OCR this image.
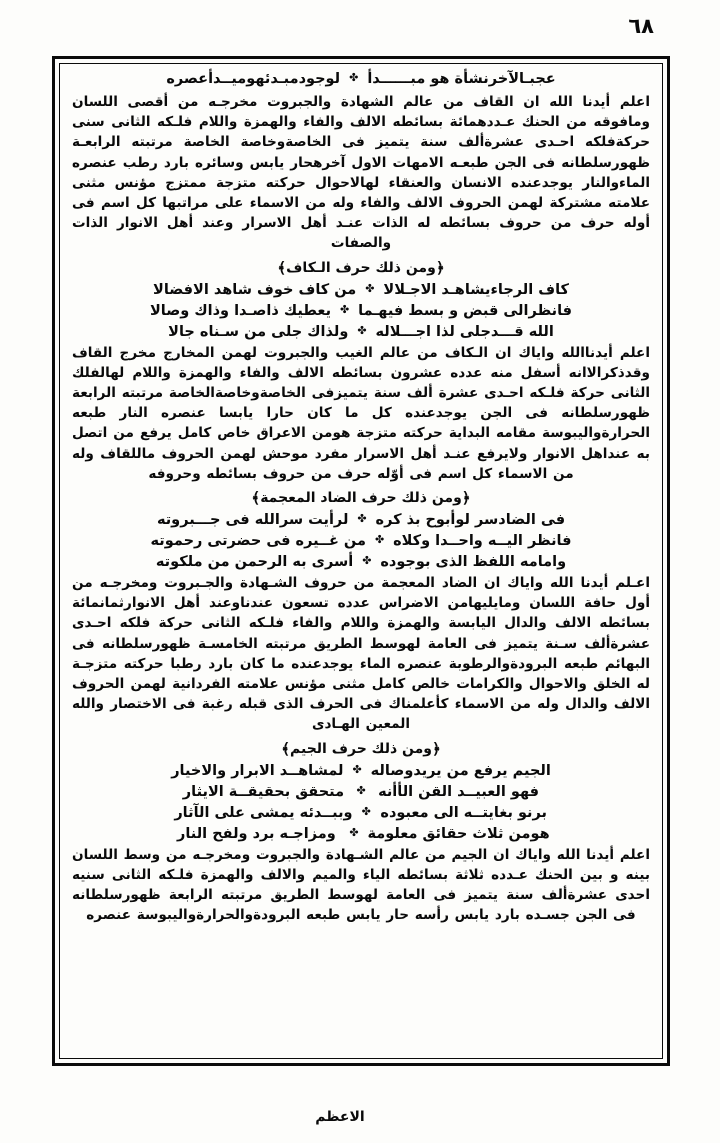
٦٨
عجبـالآخرنشأة هو مبــــــدأ✤لوجودمبـدئهوميــدأعصره

اعلم أيدنا الله ان القاف من عالم الشهادة والجبروت مخرجـه من أقصى اللسان ومافوقه من الحنك عـددهمائة بسائطه الالف والفاء والهمزة واللام فلـكه الثانى سنى حركةفلكه احـدى عشرةألف سنة يتميز فى الخاصةوخاصة الخاصة مرتبته الرابعـة ظهورسلطانه فى الجن طبعـه الامهات الاول آخرهحار يابس وسائره بارد رطب عنصره الماءوالنار يوجدعنده الانسان والعنقاء لهالاحوال حركته متزجة ممتزج مؤنس مثنى علامته مشتركة لهمن الحروف الالف والفاء وله من الاسماء على مراتبها كل اسم فى أوله حرف من حروف بسائطه له الذات عنـد أهل الاسرار وعند أهل الانوار الذات والصفات

﴿ومن ذلك حرف الـكاف﴾
كاف الرجاءيشاهـد الاجـلالا
✤
من كاف خوف شاهد الافضالا
فانظرالى قبض و بسط فيهـما
✤
يعطيك ذاصـدا وذاك وصالا
الله قـــدجلى لذا اجـــلاله
✤
ولذاك جلى من سـناه جالا

اعلم أيدناالله واياك ان الـكاف من عالم الغيب والجبروت لهمن المخارج مخرج القاف وقدذكرالاانه أسفل منه عدده عشرون بسائطه الالف والفاء والهمزة واللام لهالفلك الثانى حركة فلـكه احـدى عشرة ألف سنة يتميزفى الخاصةوخاصةالخاصة مرتبته الرابعة ظهورسلطانه فى الجن يوجدعنده كل ما كان حارا يابسا عنصره النار طبعه الحرارةواليبوسة مقامه البداية حركته متزجة هومن الاعراق خاص كامل يرفع من اتصل به عنداهل الانوار ولايرفع عنـد أهل الاسرار مفرد موحش لهمن الحروف ماللقاف وله من الاسماء كل اسم فى أوّله حرف من حروف بسائطه وحروفه

﴿ومن ذلك حرف الضاد المعجمة﴾
فى الضادسر لوأبوح بذ كره
✤
لرأيت سرالله فى جـــبروته
فانظر اليــه واحــدا وكلاه
✤
من غــيره فى حضرتى رحموته
وامامه اللفظ الذى بوجوده
✤
أسرى به الرحمن من ملكوته

اعـلم أيدنا الله واياك ان الضاد المعجمة من حروف الشـهادة والجـبروت ومخرجـه من أول حافة اللسان ومايليهامن الاضراس عدده تسعون عندناوعند أهل الانوارثمانمائة بسائطه الالف والدال اليابسة والهمزة واللام والفاء فلـكه الثانى حركة فلكه احـدى عشرةألف سـنة يتميز فى العامة لهوسط الطريق مرتبته الخامسـة ظهورسلطانه فى البهائم طبعه البرودةوالرطوبة عنصره الماء يوجدعنده ما كان بارد رطبا حركته متزجـة له الخلق والاحوال والكرامات خالص كامل مثنى مؤنس علامته الفردانية لهمن الحروف الالف والدال وله من الاسماء كأعلمناك فى الحرف الذى قبله رغبة فى الاختصار والله المعين الهـادى

﴿ومن ذلك حرف الجيم﴾
الجيم يرفع من يريدوصاله
✤
لمشاهــد الابرار والاخيار
فهو العبيــد القن الأأنه
✤
متحقق بحقيقــة الايثار
برنو بغايتــه الى معبوده
✤
وببــدئه يمشى على الآثار
هومن ثلاث حقائق معلومة
✤
ومزاجـه برد ولفح النار

اعلم أيدنا الله واياك ان الجيم من عالم الشـهادة والجبروت ومخرجـه من وسط اللسان بينه و بين الحنك عـدده ثلاثة بسائطه الياء والميم والالف والهمزة فلـكه الثانى سنيه احدى عشرةألف سنة يتميز فى العامة لهوسط الطريق مرتبته الرابعة ظهورسلطانه فى الجن جسـده بارد يابس رأسه حار يابس طبعه البرودةوالحرارةواليبوسة عنصره

الاعظم
